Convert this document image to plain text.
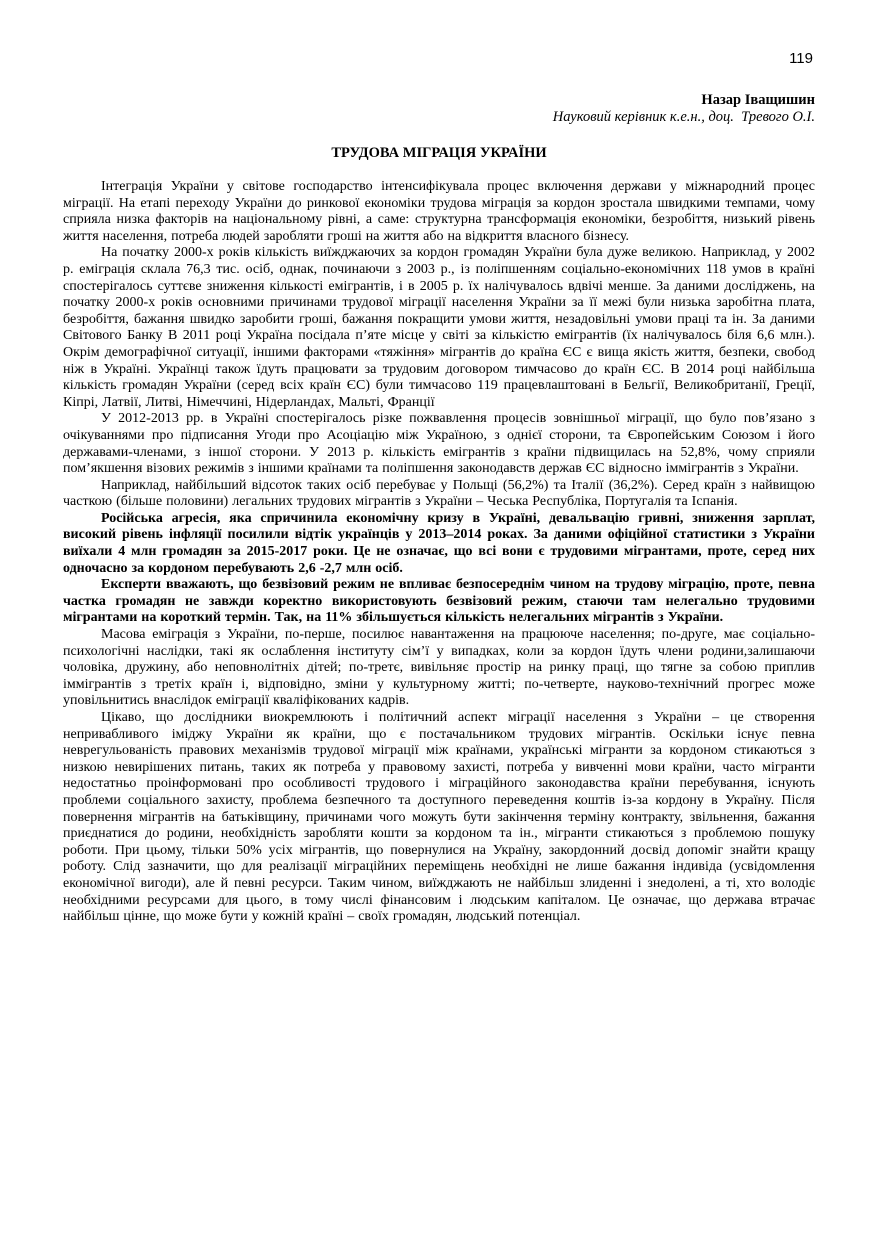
119
Назар Іващишин
Науковий керівник к.е.н., доц.  Тревого О.І.
ТРУДОВА МІГРАЦІЯ УКРАЇНИ

Інтеграція України у світове господарство інтенсифікувала процес включення держави у міжнародний процес міграції. На етапі переходу України до ринкової економіки трудова міграція за кордон зростала швидкими темпами, чому сприяла низка факторів на національному рівні, а саме: структурна трансформація економіки, безробіття, низький рівень життя населення, потреба людей заробляти гроші на життя або на відкриття власного бізнесу.

На початку 2000-х років кількість виїжджаючих за кордон громадян України була дуже великою. Наприклад, у 2002 р. еміграція склала 76,3 тис. осіб, однак, починаючи з 2003 р., із поліпшенням соціально-економічних 118 умов в країні спостерігалось суттєве зниження кількості емігрантів, і в 2005 р. їх налічувалось вдвічі менше. За даними досліджень, на початку 2000-х років основними причинами трудової міграції населення України за її межі були низька заробітна плата, безробіття, бажання швидко заробити гроші, бажання покращити умови життя, незадовільні умови праці та ін. За даними Світового Банку В 2011 році Україна посідала п’яте місце у світі за кількістю емігрантів (їх налічувалось біля 6,6 млн.). Окрім демографічної ситуації, іншими факторами «тяжіння» мігрантів до країна ЄС є вища якість життя, безпеки, свобод ніж в Україні. Українці також їдуть працювати за трудовим договором тимчасово до країн ЄС. В 2014 році найбільша кількість громадян України (серед всіх країн ЄС) були тимчасово 119 працевлаштовані в Бельгії, Великобританії, Греції, Кіпрі, Латвії, Литві, Німеччині, Нідерландах, Мальті, Франції

У 2012-2013 рр. в Україні спостерігалось різке пожвавлення процесів зовнішньої міграції, що було пов’язано з очікуваннями про підписання Угоди про Асоціацію між Україною, з однієї сторони, та Європейським Союзом і його державами-членами, з іншої сторони. У 2013 р. кількість емігрантів з країни підвищилась на 52,8%, чому сприяли пом’якшення візових режимів з іншими країнами та поліпшення законодавств держав ЄС відносно іммігрантів з України.

Наприклад, найбільший відсоток таких осіб перебуває у Польщі (56,2%) та Італії (36,2%). Серед країн з найвищою часткою (більше половини) легальних трудових мігрантів з України – Чеська Республіка, Португалія та Іспанія.

Російська агресія, яка спричинила економічну кризу в Україні, девальвацію гривні, зниження зарплат, високий рівень інфляції посилили відтік українців у 2013–2014 роках. За даними офіційної статистики з України виїхали 4 млн громадян за 2015-2017 роки. Це не означає, що всі вони є трудовими мігрантами, проте, серед них одночасно за кордоном перебувають 2,6 -2,7 млн осіб.

Експерти вважають, що безвізовий режим не впливає безпосереднім чином на трудову міграцію, проте, певна частка громадян не завжди коректно використовують безвізовий режим, стаючи там нелегально трудовими мігрантами на короткий термін. Так, на 11% збільшується кількість нелегальних мігрантів з України.

Масова еміграція з України, по-перше, посилює навантаження на працююче населення; по-друге, має соціально-психологічні наслідки, такі як ослаблення інституту сім’ї у випадках, коли за кордон їдуть члени родини,залишаючи чоловіка, дружину, або неповнолітніх дітей; по-третє, вивільняє простір на ринку праці, що тягне за собою приплив іммігрантів з третіх країн і, відповідно, зміни у культурному житті; по-четверте, науково-технічний прогрес може уповільнитись внаслідок еміграції кваліфікованих кадрів.

Цікаво, що дослідники виокремлюють і політичний аспект міграції населення з України – це створення непривабливого іміджу України як країни, що є постачальником трудових мігрантів. Оскільки існує певна неврегульованість правових механізмів трудової міграції між країнами, українські мігранти за кордоном стикаються з низкою невирішених питань, таких як потреба у правовому захисті, потреба у вивченні мови країни, часто мігранти недостатньо проінформовані про особливості трудового і міграційного законодавства країни перебування, існують проблеми соціального захисту, проблема безпечного та доступного переведення коштів із-за кордону в Україну. Після повернення мігрантів на батьківщину, причинами чого можуть бути закінчення терміну контракту, звільнення, бажання приєднатися до родини, необхідність заробляти кошти за кордоном та ін., мігранти стикаються з проблемою пошуку роботи. При цьому, тільки 50% усіх мігрантів, що повернулися на Україну, закордонний досвід допоміг знайти кращу роботу. Слід зазначити, що для реалізації міграційних переміщень необхідні не лише бажання індивіда (усвідомлення економічної вигоди), але й певні ресурси. Таким чином, виїжджають не найбільш злиденні і знедолені, а ті, хто володіє необхідними ресурсами для цього, в тому числі фінансовим і людським капіталом. Це означає, що держава втрачає найбільш цінне, що може бути у кожній країні – своїх громадян, людський потенціал.
